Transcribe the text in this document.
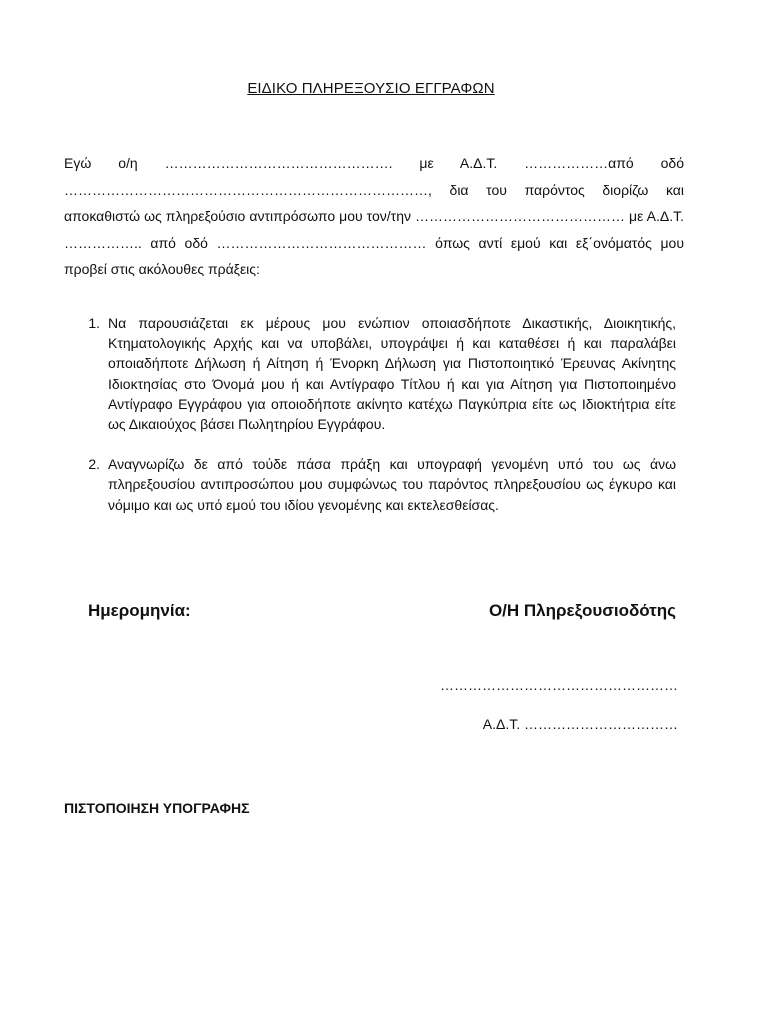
ΕΙΔΙΚΟ ΠΛΗΡΕΞΟΥΣΙΟ ΕΓΓΡΑΦΩΝ
Εγώ ο/η …………………………………………. με Α.Δ.Τ. ………………από οδό ……………………………………………………………………, δια του παρόντος διορίζω και αποκαθιστώ ως πληρεξούσιο αντιπρόσωπο μου τον/την ……………………………………… με Α.Δ.Τ. …………….. από οδό ……………………………………… όπως αντί εμού και εξ΄ονόματός μου προβεί στις ακόλουθες πράξεις:
1. Να παρουσιάζεται εκ μέρους μου ενώπιον οποιασδήποτε Δικαστικής, Διοικητικής, Κτηματολογικής Αρχής και να υποβάλει, υπογράψει ή και καταθέσει ή και παραλάβει οποιαδήποτε Δήλωση ή Αίτηση ή Ένορκη Δήλωση για Πιστοποιητικό Έρευνας Ακίνητης Ιδιοκτησίας στο Όνομά μου ή και Αντίγραφο Τίτλου ή και για Αίτηση για Πιστοποιημένο Αντίγραφο Εγγράφου για οποιοδήποτε ακίνητο κατέχω Παγκύπρια είτε ως Ιδιοκτήτρια είτε ως Δικαιούχος βάσει Πωλητηρίου Εγγράφου.
2. Αναγνωρίζω δε από τούδε πάσα πράξη και υπογραφή γενομένη υπό του ως άνω πληρεξουσίου αντιπροσώπου μου συμφώνως του παρόντος πληρεξουσίου ως έγκυρο και νόμιμο και ως υπό εμού του ιδίου γενομένης και εκτελεσθείσας.
Ημερομηνία:	Ο/Η Πληρεξουσιοδότης
……………………………………………
Α.Δ.Τ. ……………………………
ΠΙΣΤΟΠΟΙΗΣΗ ΥΠΟΓΡΑΦΗΣ
